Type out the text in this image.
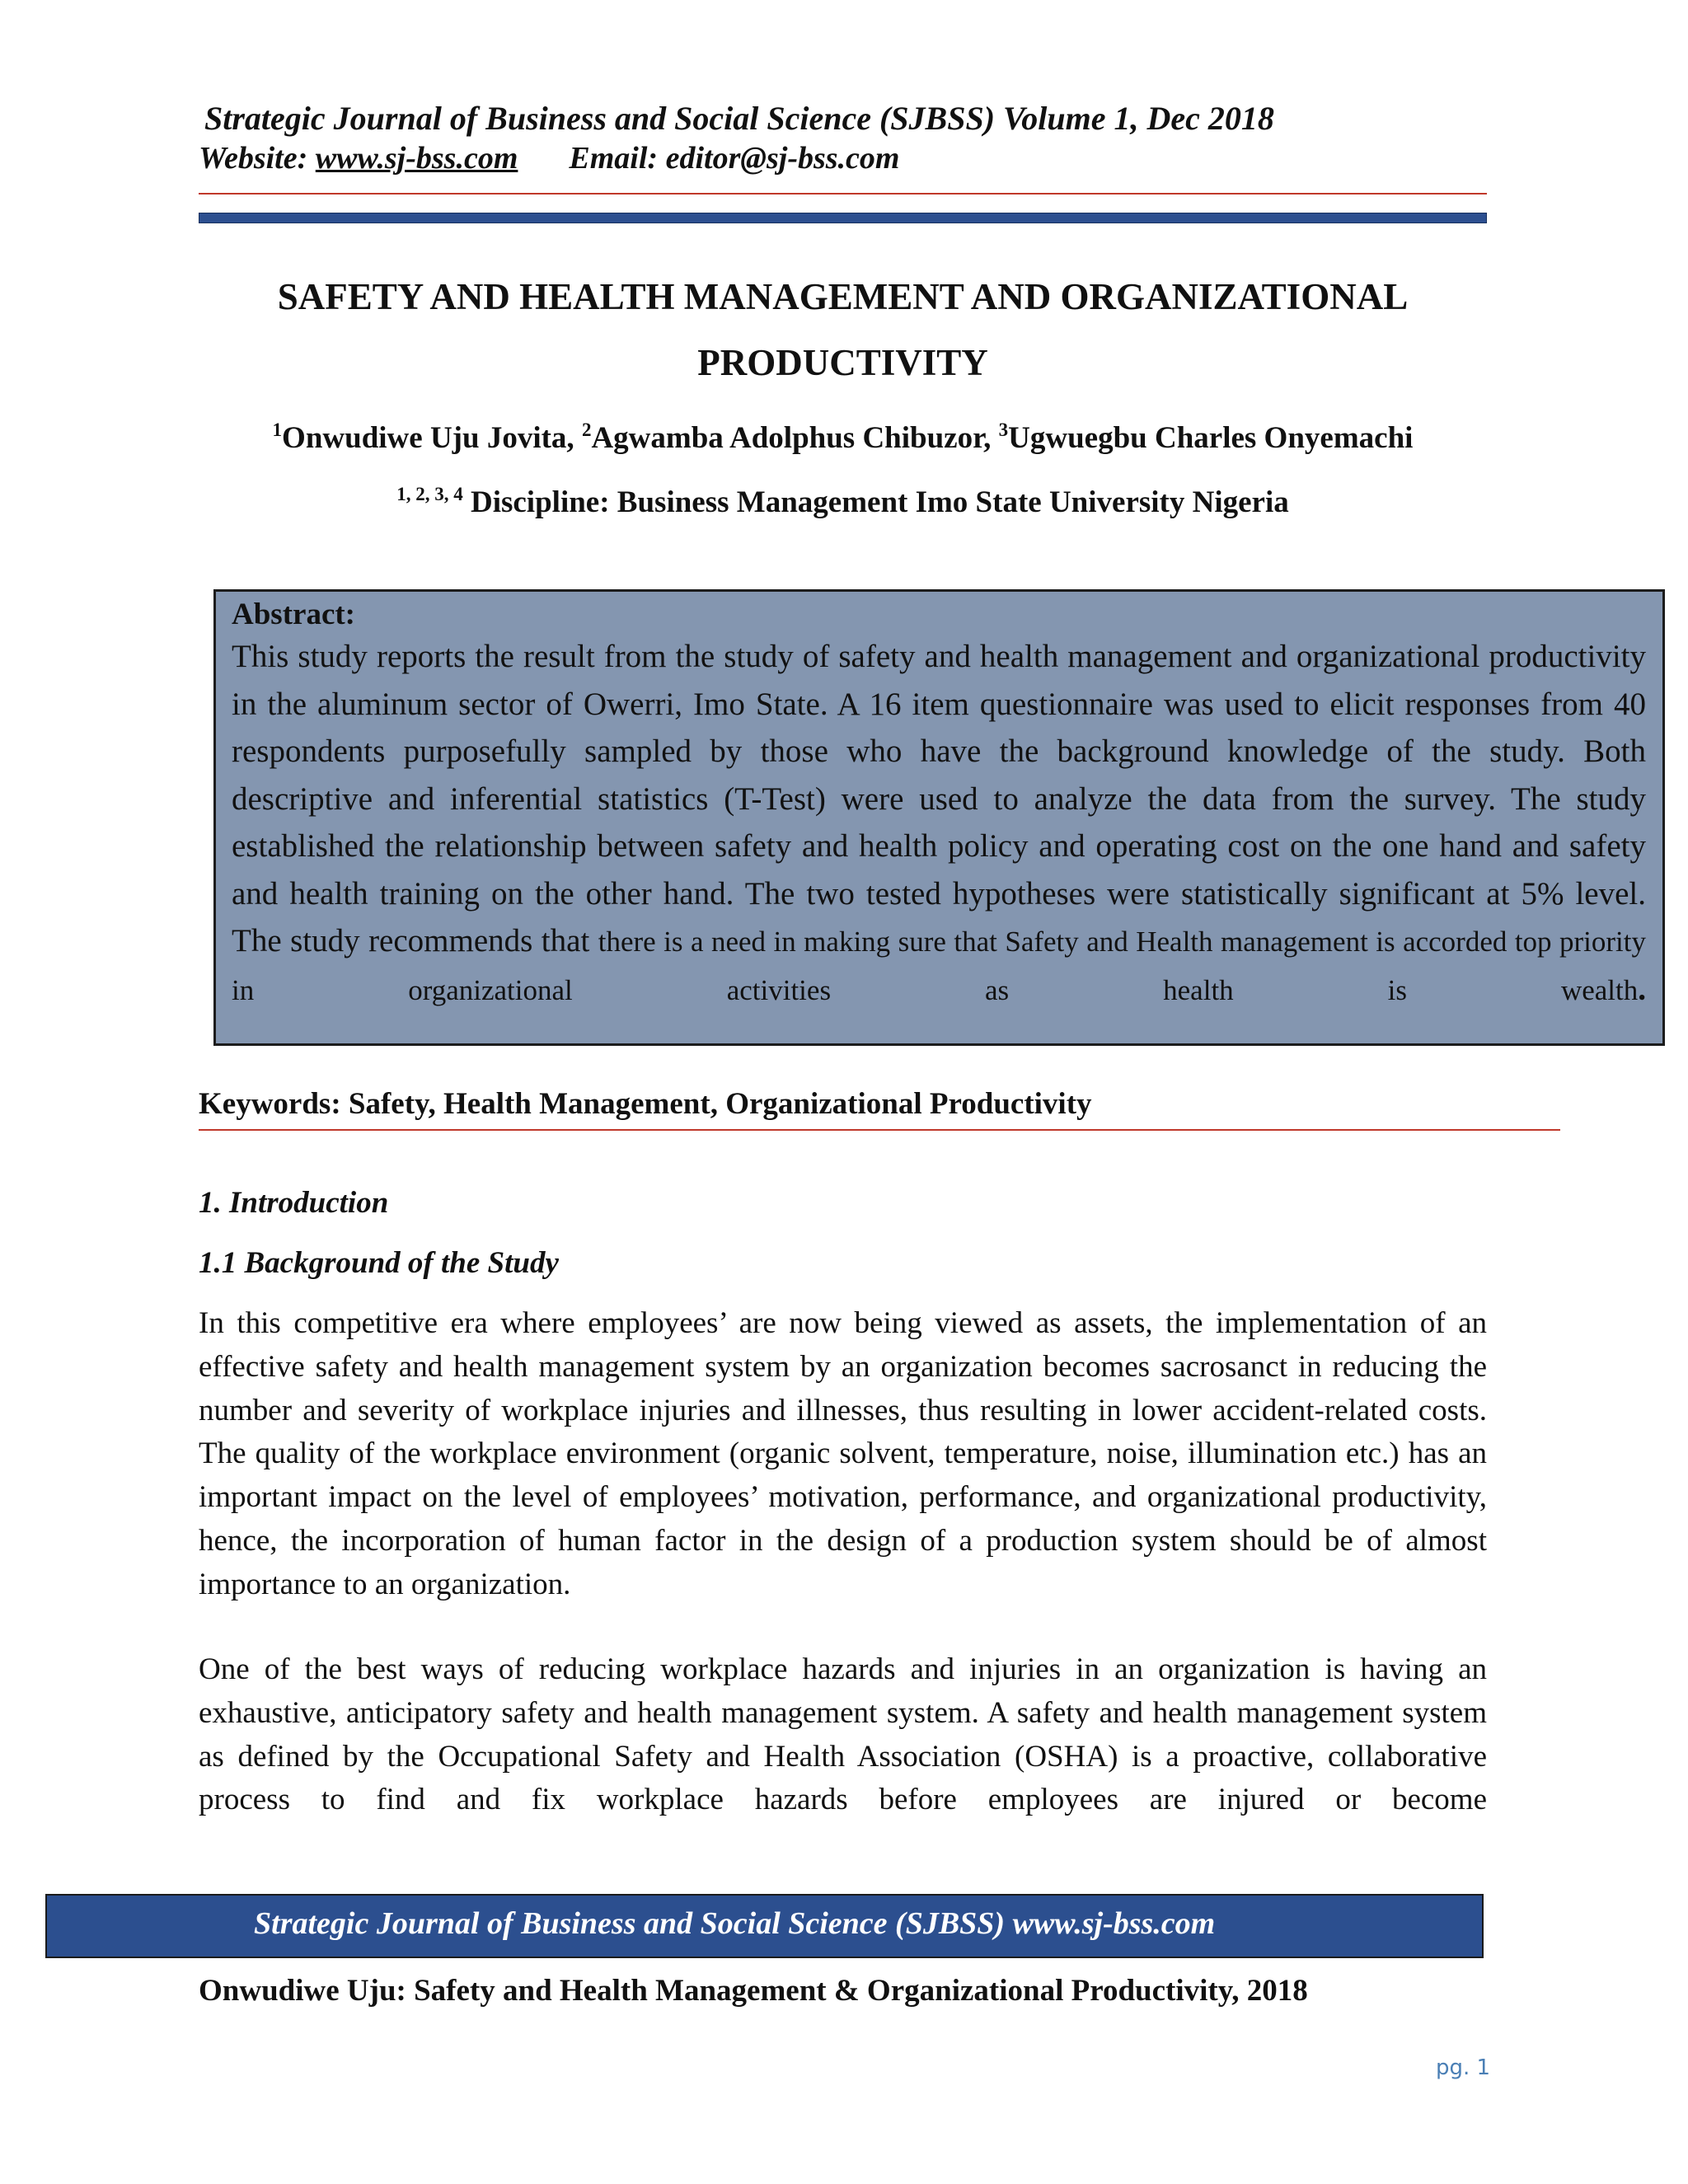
Strategic Journal of Business and Social Science (SJBSS) Volume 1, Dec 2018
Website: www.sj-bss.com Email: editor@sj-bss.com
SAFETY AND HEALTH MANAGEMENT AND ORGANIZATIONAL
PRODUCTIVITY
$^1$Onwudiwe Uju Jovita, $^2$Agwamba Adolphus Chibuzor, $^3$Ugwuegbu Charles Onyemachi
$^{1, 2, 3, 4}$ Discipline: Business Management Imo State University Nigeria
Abstract:
This study reports the result from the study of safety and health management and organizational productivity in the aluminum sector of Owerri, Imo State. A 16 item questionnaire was used to elicit responses from 40 respondents purposefully sampled by those who have the background knowledge of the study. Both descriptive and inferential statistics (T-Test) were used to analyze the data from the survey. The study established the relationship between safety and health policy and operating cost on the one hand and safety and health training on the other hand. The two tested hypotheses were statistically significant at 5% level. The study recommends that there is a need in making sure that Safety and Health management is accorded top priority in organizational activities as health is wealth.
Keywords: Safety, Health Management, Organizational Productivity
1. Introduction
1.1 Background of the Study
In this competitive era where employees’ are now being viewed as assets, the implementation of an effective safety and health management system by an organization becomes sacrosanct in reducing the number and severity of workplace injuries and illnesses, thus resulting in lower accident-related costs. The quality of the workplace environment (organic solvent, temperature, noise, illumination etc.) has an important impact on the level of employees’ motivation, performance, and organizational productivity, hence, the incorporation of human factor in the design of a production system should be of almost importance to an organization.
One of the best ways of reducing workplace hazards and injuries in an organization is having an exhaustive, anticipatory safety and health management system. A safety and health management system as defined by the Occupational Safety and Health Association (OSHA) is a proactive, collaborative process to find and fix workplace hazards before employees are injured or become
Strategic Journal of Business and Social Science (SJBSS) www.sj-bss.com
Onwudiwe Uju: Safety and Health Management & Organizational Productivity, 2018
pg. 1
